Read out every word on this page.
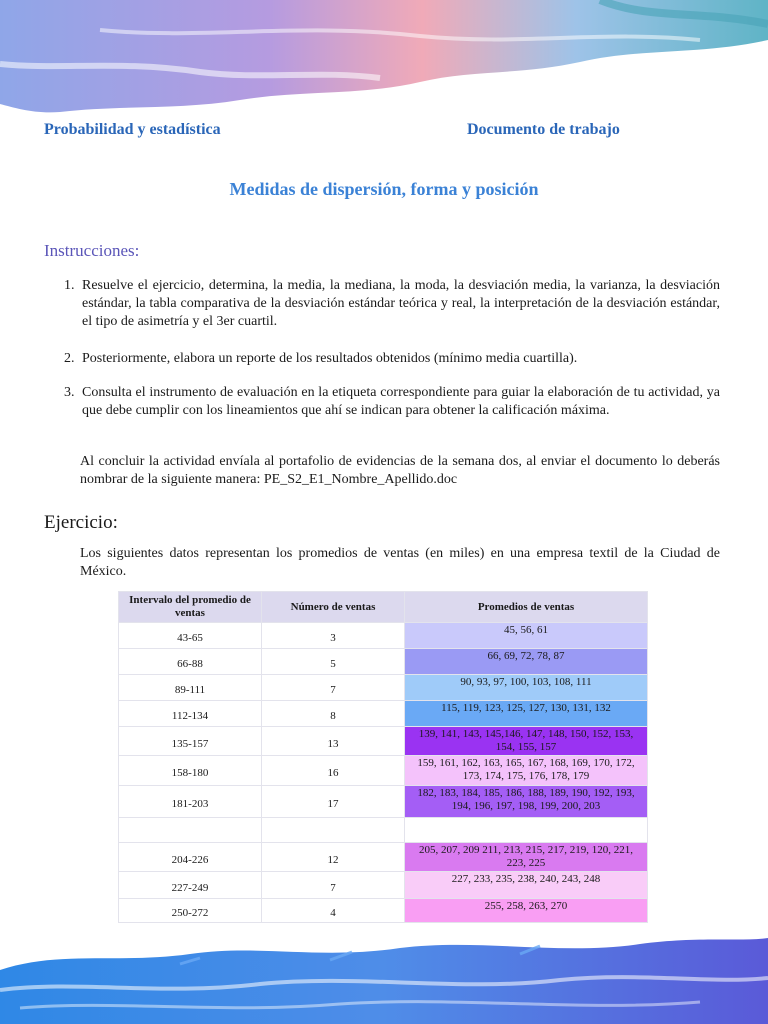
Probabilidad y estadística	Documento de trabajo
Medidas de dispersión, forma y posición
Instrucciones:
1. Resuelve el ejercicio, determina, la media, la mediana, la moda, la desviación media, la varianza, la desviación estándar, la tabla comparativa de la desviación estándar teórica y real, la interpretación de la desviación estándar, el tipo de asimetría y el 3er cuartil.
2. Posteriormente, elabora un reporte de los resultados obtenidos (mínimo media cuartilla).
3. Consulta el instrumento de evaluación en la etiqueta correspondiente para guiar la elaboración de tu actividad, ya que debe cumplir con los lineamientos que ahí se indican para obtener la calificación máxima.
Al concluir la actividad envíala al portafolio de evidencias de la semana dos, al enviar el documento lo deberás nombrar de la siguiente manera: PE_S2_E1_Nombre_Apellido.doc
Ejercicio:
Los siguientes datos representan los promedios de ventas (en miles) en una empresa textil de la Ciudad de México.
Intervalo del promedio de ventas	Número de ventas	Promedios de ventas
43-65	3	45, 56, 61
66-88	5	66, 69, 72, 78, 87
89-111	7	90, 93, 97, 100, 103, 108, 111
112-134	8	115, 119, 123, 125, 127, 130, 131, 132
135-157	13	139, 141, 143, 145,146, 147, 148, 150, 152, 153, 154, 155, 157
158-180	16	159, 161, 162, 163, 165, 167, 168, 169, 170, 172, 173, 174, 175, 176, 178, 179
181-203	17	182, 183, 184, 185, 186, 188, 189, 190, 192, 193, 194, 196, 197, 198, 199, 200, 203

204-226	12	205, 207, 209 211, 213, 215, 217, 219, 120, 221, 223, 225
227-249	7	227, 233, 235, 238, 240, 243, 248
250-272	4	255, 258, 263, 270
